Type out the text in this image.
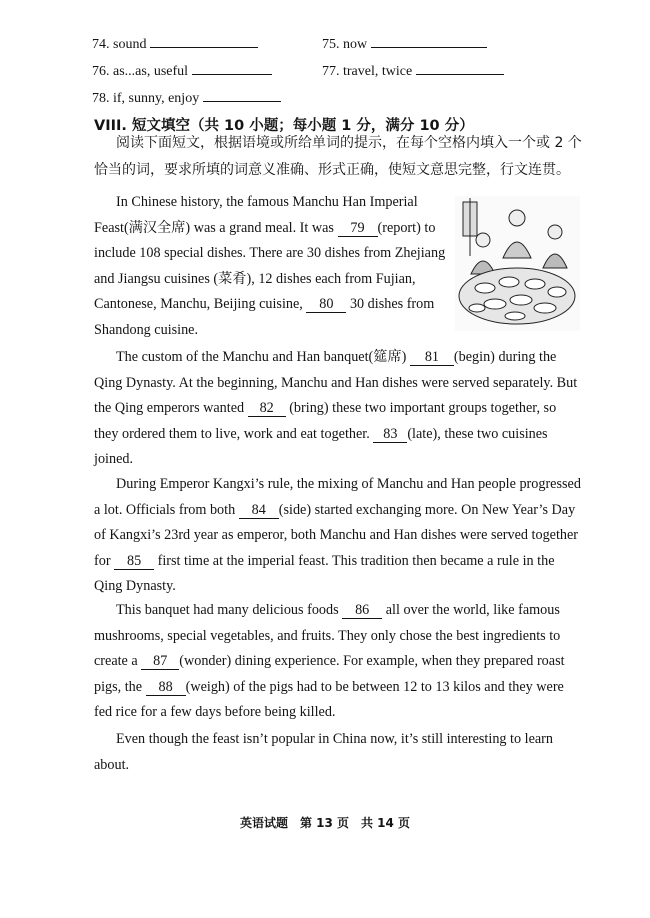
74. sound	75. now
76. as...as, useful	77. travel, twice
78. if, sunny, enjoy
VIII. 短文填空（共 10 小题；每小题 1 分，满分 10 分）
阅读下面短文，根据语境或所给单词的提示，在每个空格内填入一个或 2 个
恰当的词，要求所填的词意义准确、形式正确，使短文意思完整，行文连贯。

In Chinese history, the famous Manchu Han Imperial

Feast(满汉全席) was a grand meal. It was 79 (report) to

include 108 special dishes. There are 30 dishes from Zhejiang

and Jiangsu cuisines (菜肴), 12 dishes each from Fujian,

Cantonese, Manchu, Beijing cuisine, 80 30 dishes from

Shandong cuisine.

The custom of the Manchu and Han banquet(筵席) 81 (begin) during the

Qing Dynasty. At the beginning, Manchu and Han dishes were served separately. But

the Qing emperors wanted 82 (bring) these two important groups together, so

they ordered them to live, work and eat together. 83 (late), these two cuisines

joined.

During Emperor Kangxi’s rule, the mixing of Manchu and Han people progressed

a lot. Officials from both 84 (side) started exchanging more. On New Year’s Day

of Kangxi’s 23rd year as emperor, both Manchu and Han dishes were served together

for 85 first time at the imperial feast. This tradition then became a rule in the

Qing Dynasty.

This banquet had many delicious foods 86 all over the world, like famous

mushrooms, special vegetables, and fruits. They only chose the best ingredients to

create a 87 (wonder) dining experience. For example, when they prepared roast

pigs, the 88 (weigh) of the pigs had to be between 12 to 13 kilos and they were

fed rice for a few days before being killed.

Even though the feast isn’t popular in China now, it’s still interesting to learn

about.

英语试题　第 13 页　共 14 页
